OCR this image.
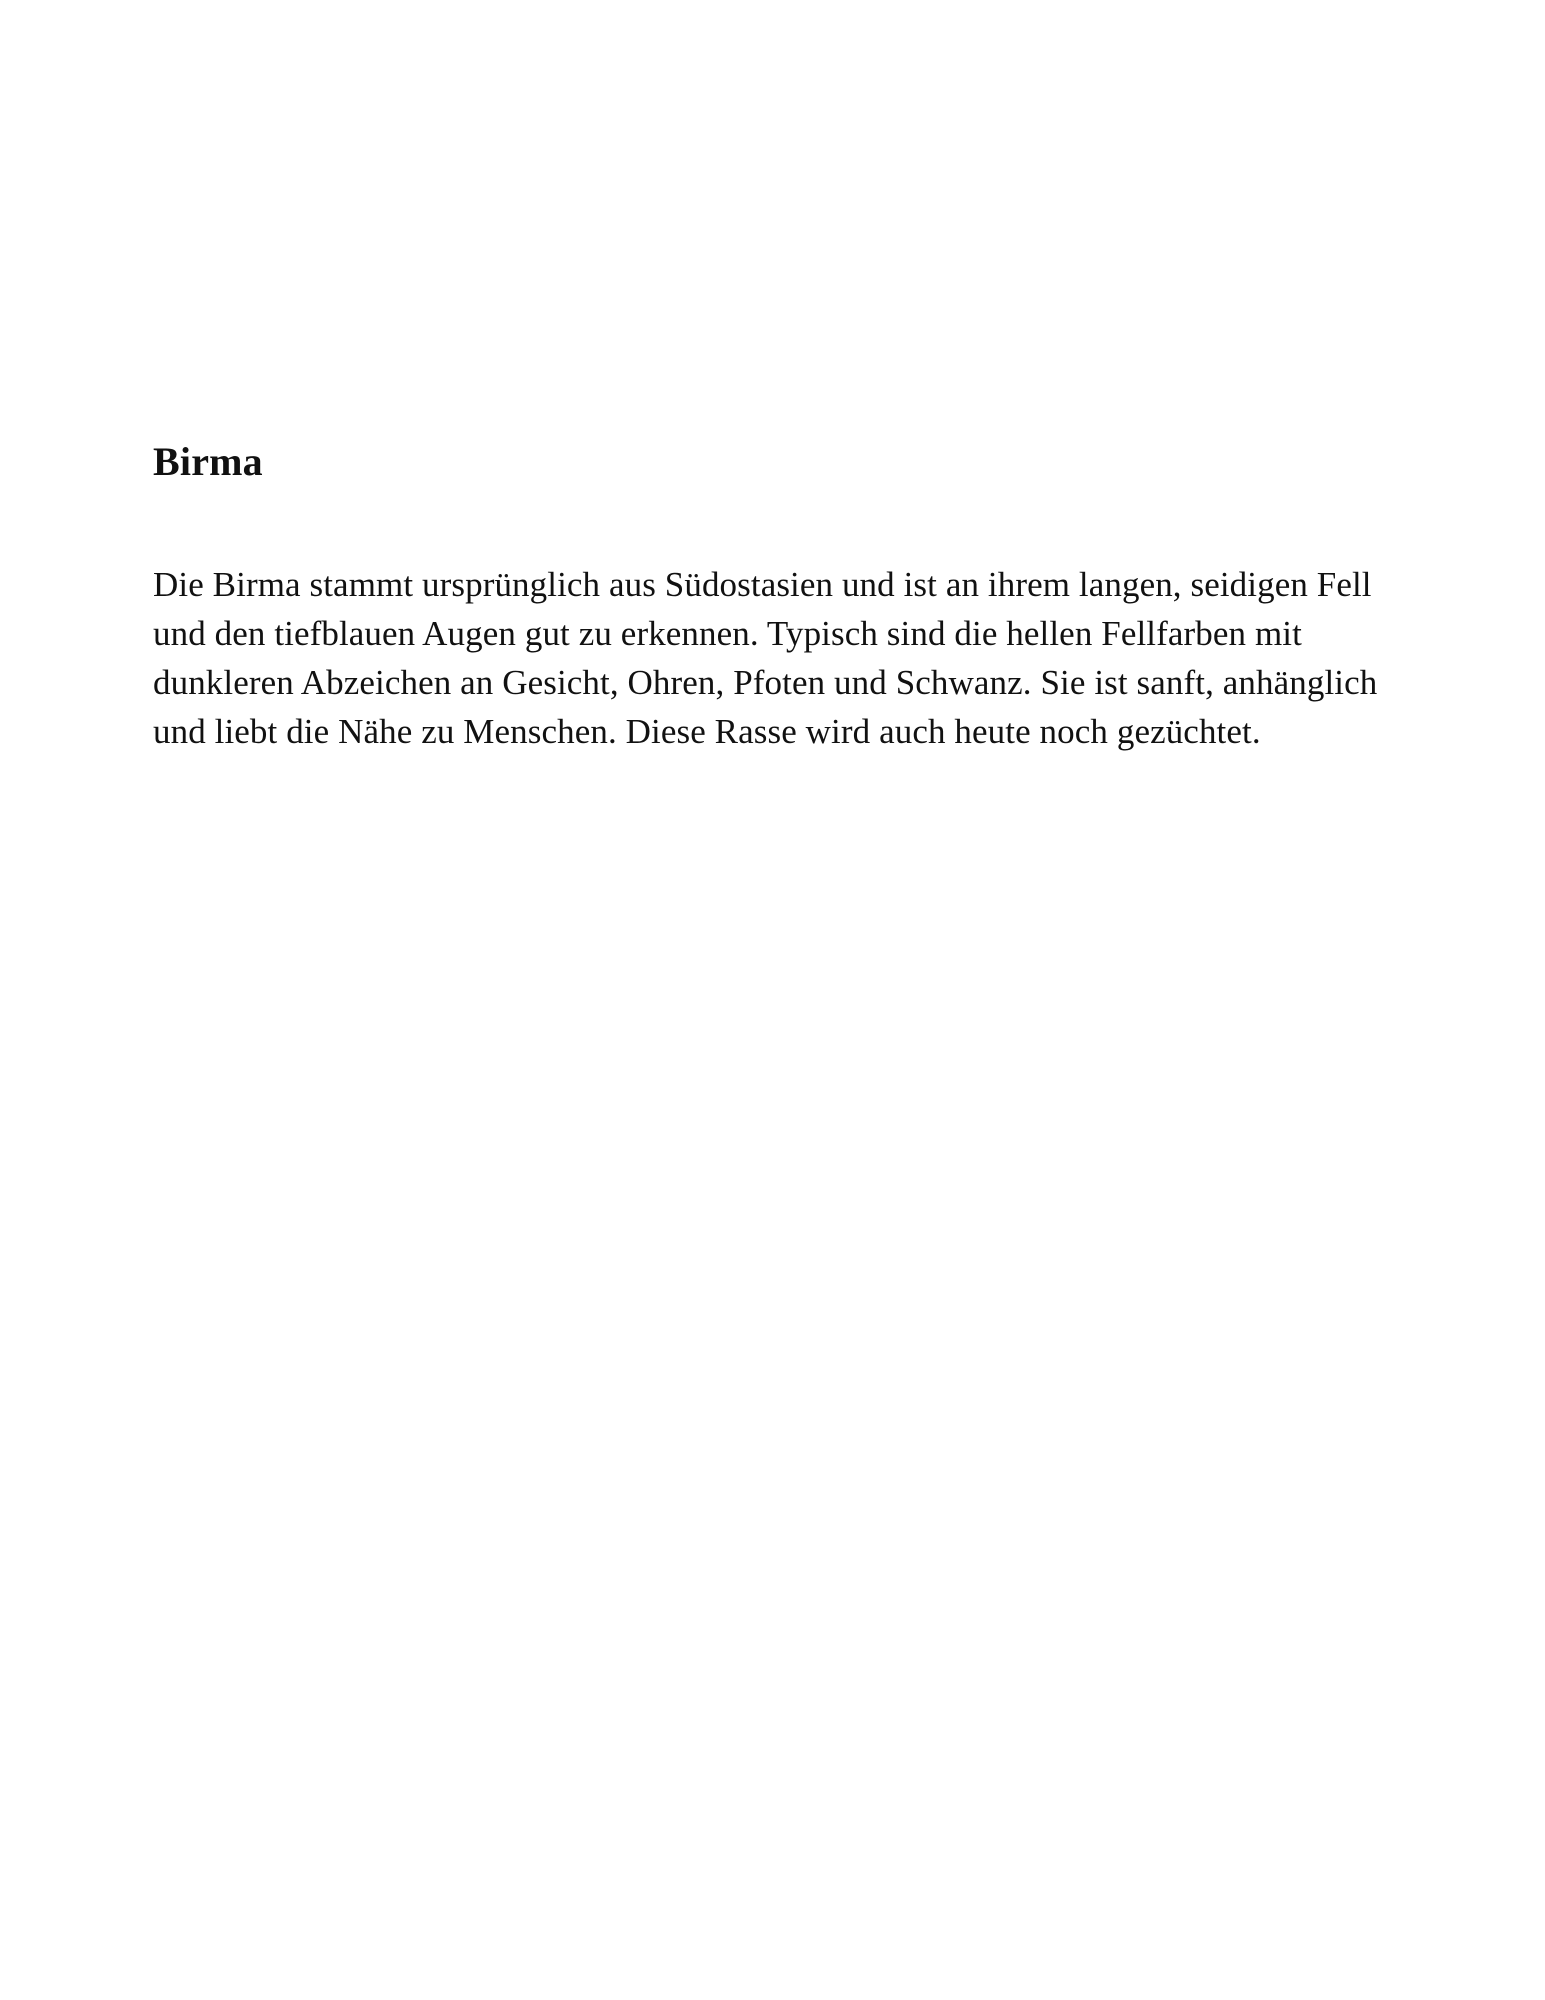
Birma

Die Birma stammt ursprünglich aus Südostasien und ist an ihrem langen, seidigen Fell und den tiefblauen Augen gut zu erkennen. Typisch sind die hellen Fellfarben mit dunkleren Abzeichen an Gesicht, Ohren, Pfoten und Schwanz. Sie ist sanft, anhänglich und liebt die Nähe zu Menschen. Diese Rasse wird auch heute noch gezüchtet.
